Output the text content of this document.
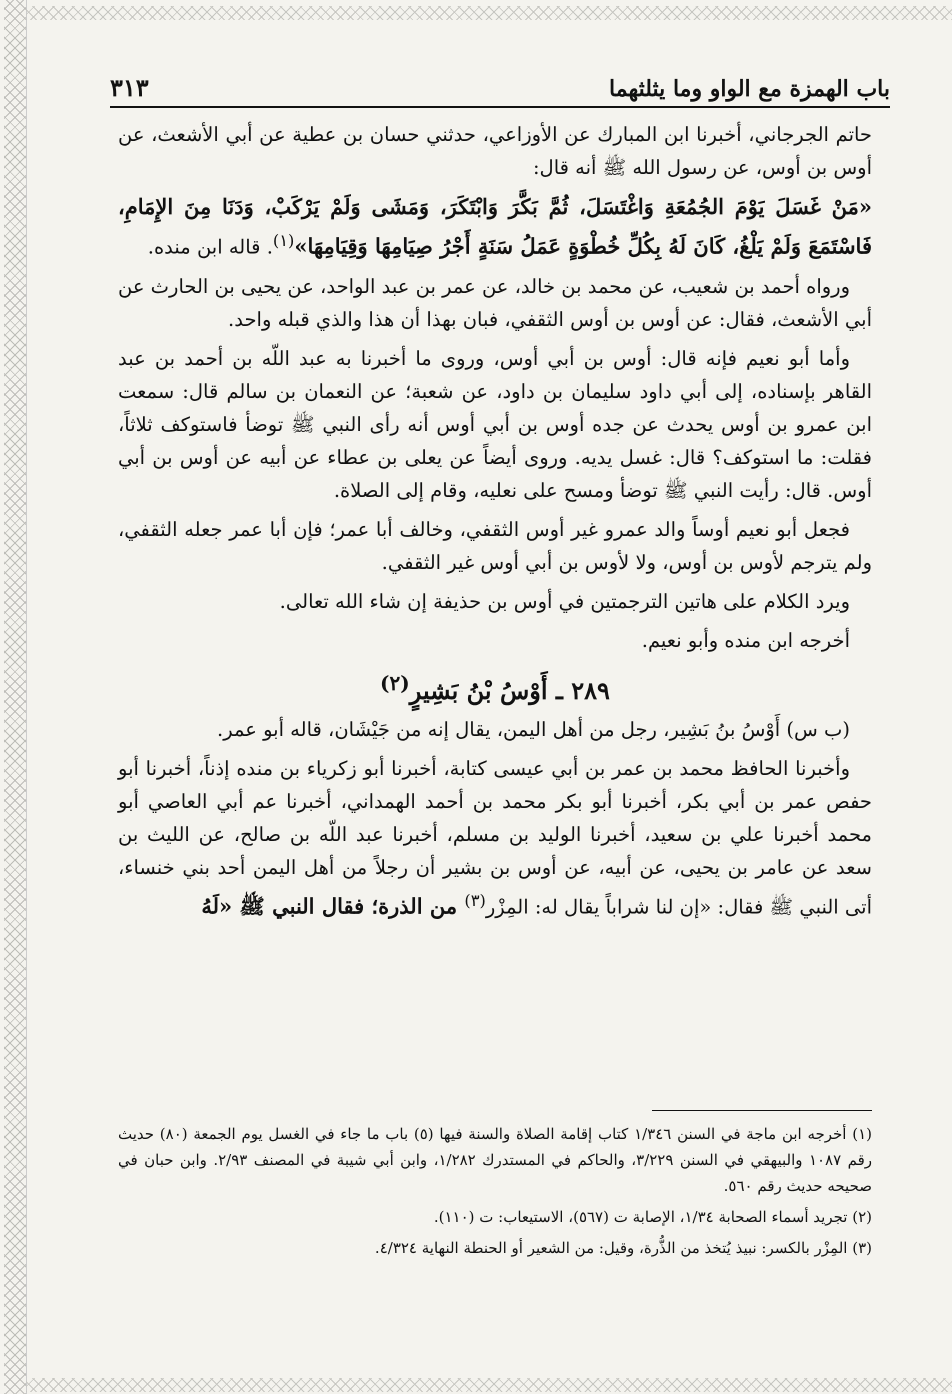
باب الهمزة مع الواو وما يثلثهما
٣١٣

حاتم الجرجاني، أخبرنا ابن المبارك عن الأوزاعي، حدثني حسان بن عطية عن أبي الأشعث، عن أوس بن أوس، عن رسول الله ﷺ أنه قال:

«مَنْ غَسَلَ يَوْمَ الجُمُعَةِ وَاغْتَسَلَ، ثُمَّ بَكَّرَ وَابْتَكَرَ، وَمَشَى وَلَمْ يَرْكَبْ، وَدَنَا مِنَ الإِمَامِ، فَاسْتَمَعَ وَلَمْ يَلْغُ، كَانَ لَهُ بِكُلِّ خُطْوَةٍ عَمَلُ سَنَةٍ أَجْرُ صِيَامِهَا وَقِيَامِهَا»$^{(١)}$. قاله ابن منده.

ورواه أحمد بن شعيب، عن محمد بن خالد، عن عمر بن عبد الواحد، عن يحيى بن الحارث عن أبي الأشعث، فقال: عن أوس بن أوس الثقفي، فبان بهذا أن هذا والذي قبله واحد.

وأما أبو نعيم فإنه قال: أوس بن أبي أوس، وروى ما أخبرنا به عبد اللّه بن أحمد بن عبد القاهر بإسناده، إلى أبي داود سليمان بن داود، عن شعبة؛ عن النعمان بن سالم قال: سمعت ابن عمرو بن أوس يحدث عن جده أوس بن أبي أوس أنه رأى النبي ﷺ توضأ فاستوكف ثلاثاً، فقلت: ما استوكف؟ قال: غسل يديه. وروى أيضاً عن يعلى بن عطاء عن أبيه عن أوس بن أبي أوس. قال: رأيت النبي ﷺ توضأ ومسح على نعليه، وقام إلى الصلاة.

فجعل أبو نعيم أوساً والد عمرو غير أوس الثقفي، وخالف أبا عمر؛ فإن أبا عمر جعله الثقفي، ولم يترجم لأوس بن أوس، ولا لأوس بن أبي أوس غير الثقفي.

ويرد الكلام على هاتين الترجمتين في أوس بن حذيفة إن شاء الله تعالى.

أخرجه ابن منده وأبو نعيم.

٢٨٩ ـ أَوْسُ بْنُ بَشِيرٍ$^{(٢)}$

(ب س) أَوْسُ بنُ بَشِير، رجل من أهل اليمن، يقال إنه من جَيْشَان، قاله أبو عمر.

وأخبرنا الحافظ محمد بن عمر بن أبي عيسى كتابة، أخبرنا أبو زكرياء بن منده إذناً، أخبرنا أبو حفص عمر بن أبي بكر، أخبرنا أبو بكر محمد بن أحمد الهمداني، أخبرنا عم أبي العاصي أبو محمد أخبرنا علي بن سعيد، أخبرنا الوليد بن مسلم، أخبرنا عبد اللّه بن صالح، عن الليث بن سعد عن عامر بن يحيى، عن أبيه، عن أوس بن بشير أن رجلاً من أهل اليمن أحد بني خنساء، أتى النبي ﷺ فقال: «إن لنا شراباً يقال له: المِزْر$^{(٣)}$ من الذرة؛ فقال النبي ﷺ «لَهُ

(١) أخرجه ابن ماجة في السنن ١/٣٤٦ كتاب إقامة الصلاة والسنة فيها (٥) باب ما جاء في الغسل يوم الجمعة (٨٠) حديث رقم ١٠٨٧ والبيهقي في السنن ٣/٢٢٩، والحاكم في المستدرك ١/٢٨٢، وابن أبي شيبة في المصنف ٢/٩٣. وابن حبان في صحيحه حديث رقم ٥٦٠.

(٢) تجريد أسماء الصحابة ١/٣٤، الإصابة ت (٥٦٧)، الاستيعاب: ت (١١٠).

(٣) المِزْر بالكسر: نبيذ يُتخذ من الذُّرة، وقيل: من الشعير أو الحنطة النهاية ٤/٣٢٤.
